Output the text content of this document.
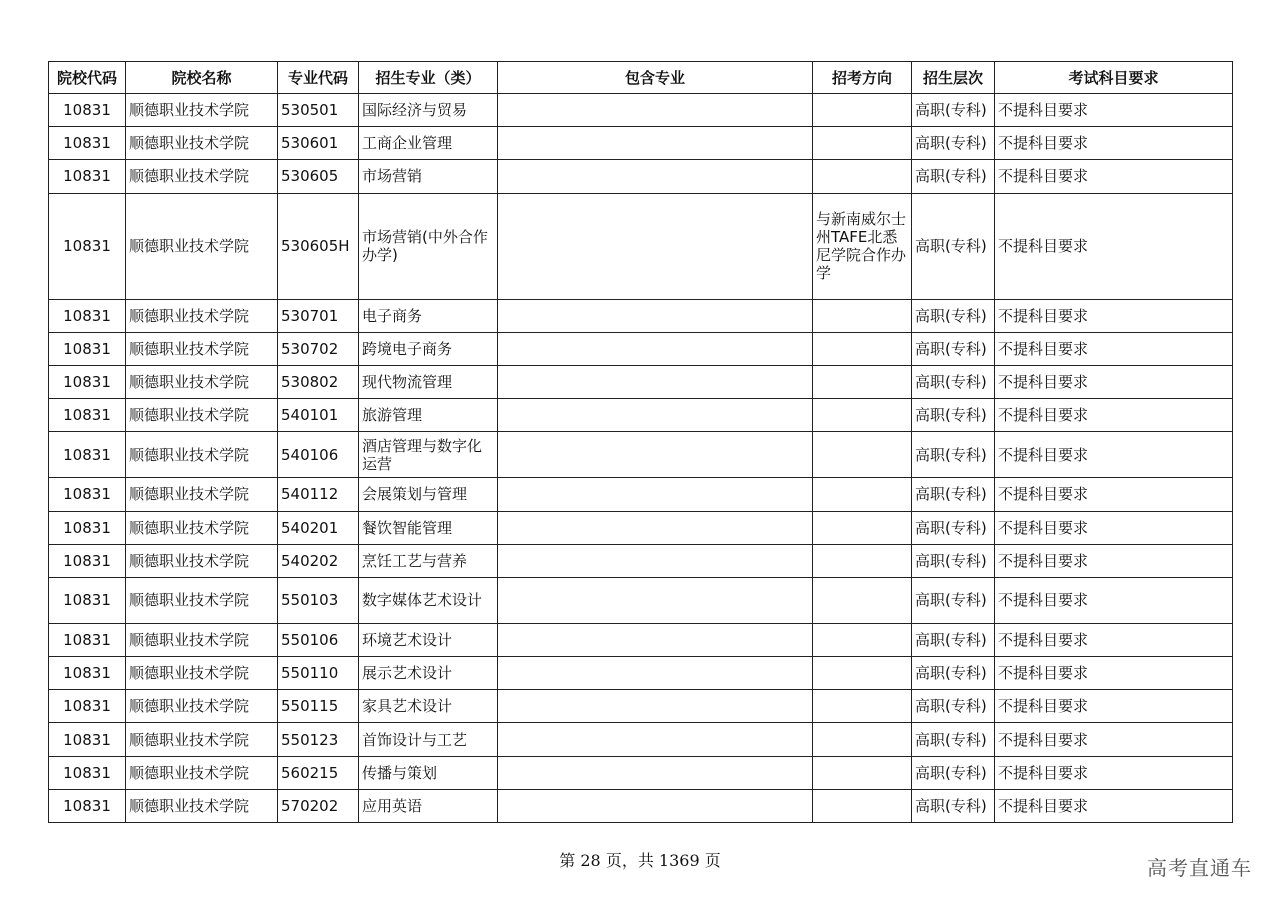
院校代码	院校名称	专业代码	招生专业（类）	包含专业	招考方向	招生层次	考试科目要求
10831	顺德职业技术学院	530501	国际经济与贸易			高职(专科)	不提科目要求
10831	顺德职业技术学院	530601	工商企业管理			高职(专科)	不提科目要求
10831	顺德职业技术学院	530605	市场营销			高职(专科)	不提科目要求
10831	顺德职业技术学院	530605H	市场营销(中外合作办学)		与新南威尔士州TAFE北悉尼学院合作办学	高职(专科)	不提科目要求
10831	顺德职业技术学院	530701	电子商务			高职(专科)	不提科目要求
10831	顺德职业技术学院	530702	跨境电子商务			高职(专科)	不提科目要求
10831	顺德职业技术学院	530802	现代物流管理			高职(专科)	不提科目要求
10831	顺德职业技术学院	540101	旅游管理			高职(专科)	不提科目要求
10831	顺德职业技术学院	540106	酒店管理与数字化运营			高职(专科)	不提科目要求
10831	顺德职业技术学院	540112	会展策划与管理			高职(专科)	不提科目要求
10831	顺德职业技术学院	540201	餐饮智能管理			高职(专科)	不提科目要求
10831	顺德职业技术学院	540202	烹饪工艺与营养			高职(专科)	不提科目要求
10831	顺德职业技术学院	550103	数字媒体艺术设计			高职(专科)	不提科目要求
10831	顺德职业技术学院	550106	环境艺术设计			高职(专科)	不提科目要求
10831	顺德职业技术学院	550110	展示艺术设计			高职(专科)	不提科目要求
10831	顺德职业技术学院	550115	家具艺术设计			高职(专科)	不提科目要求
10831	顺德职业技术学院	550123	首饰设计与工艺			高职(专科)	不提科目要求
10831	顺德职业技术学院	560215	传播与策划			高职(专科)	不提科目要求
10831	顺德职业技术学院	570202	应用英语			高职(专科)	不提科目要求
第 28 页，共 1369 页	高考直通车
